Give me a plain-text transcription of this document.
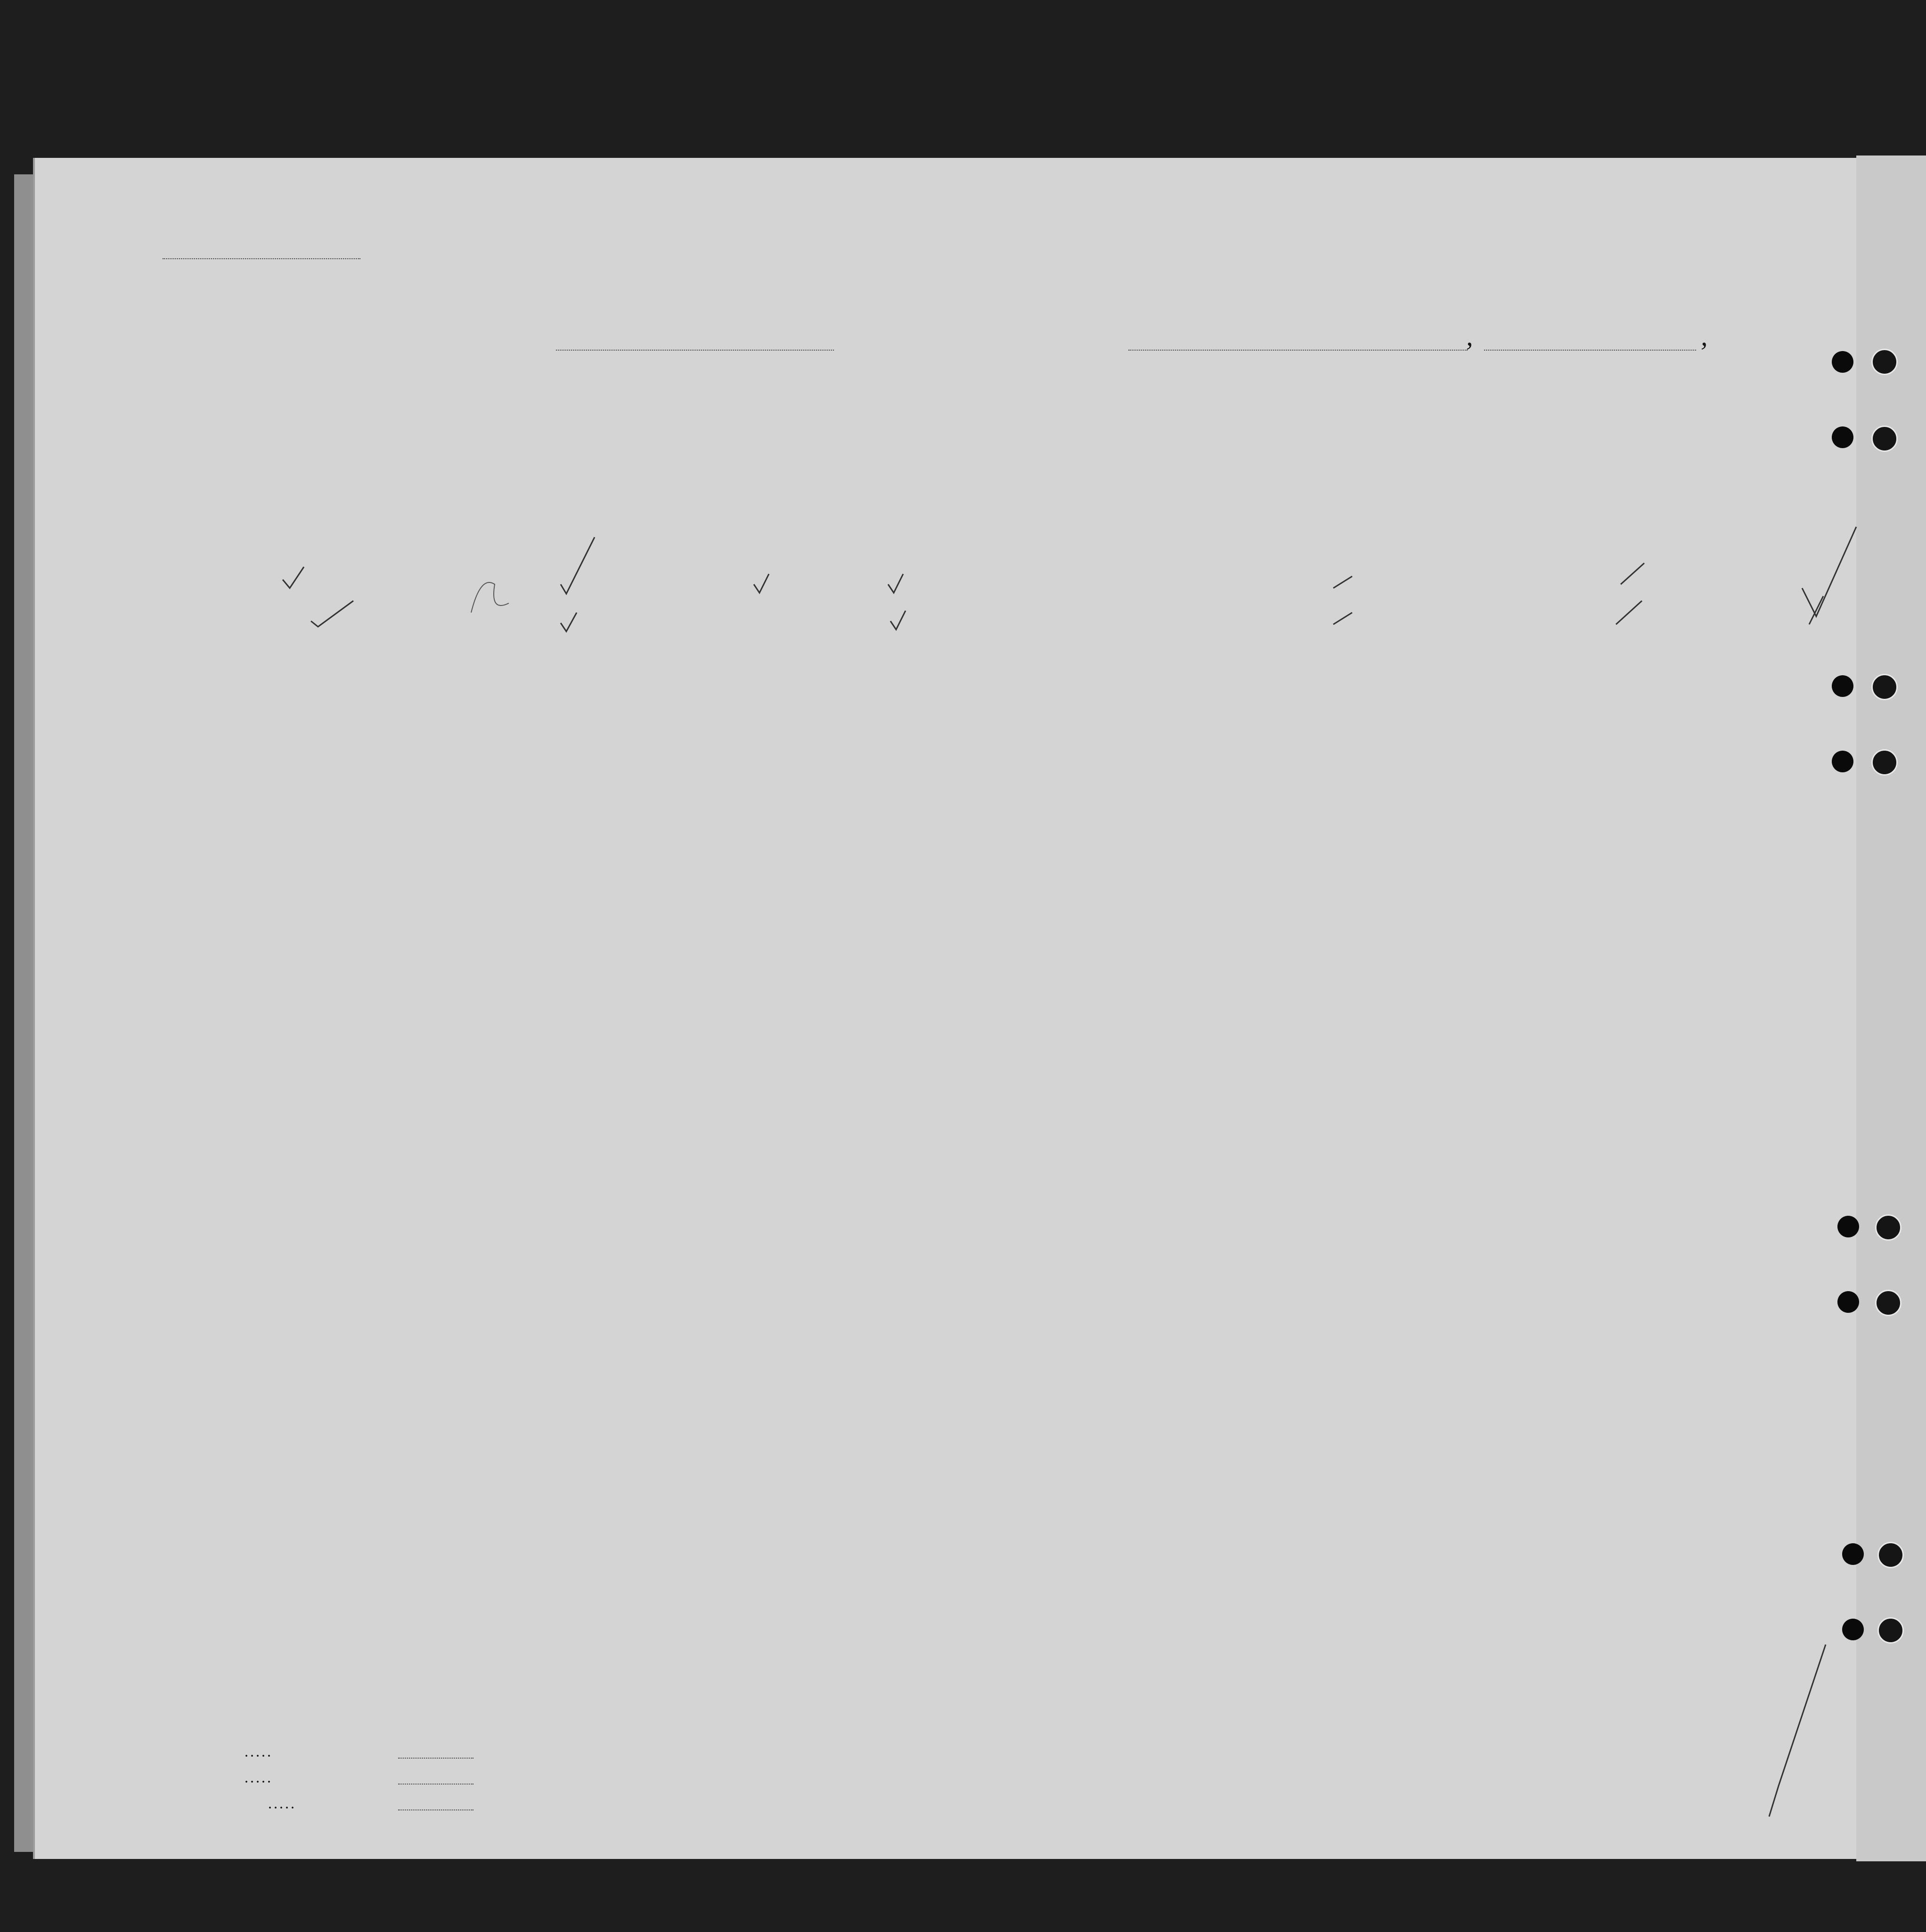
,	,
. . . . .
. . . . .
. . . . .
